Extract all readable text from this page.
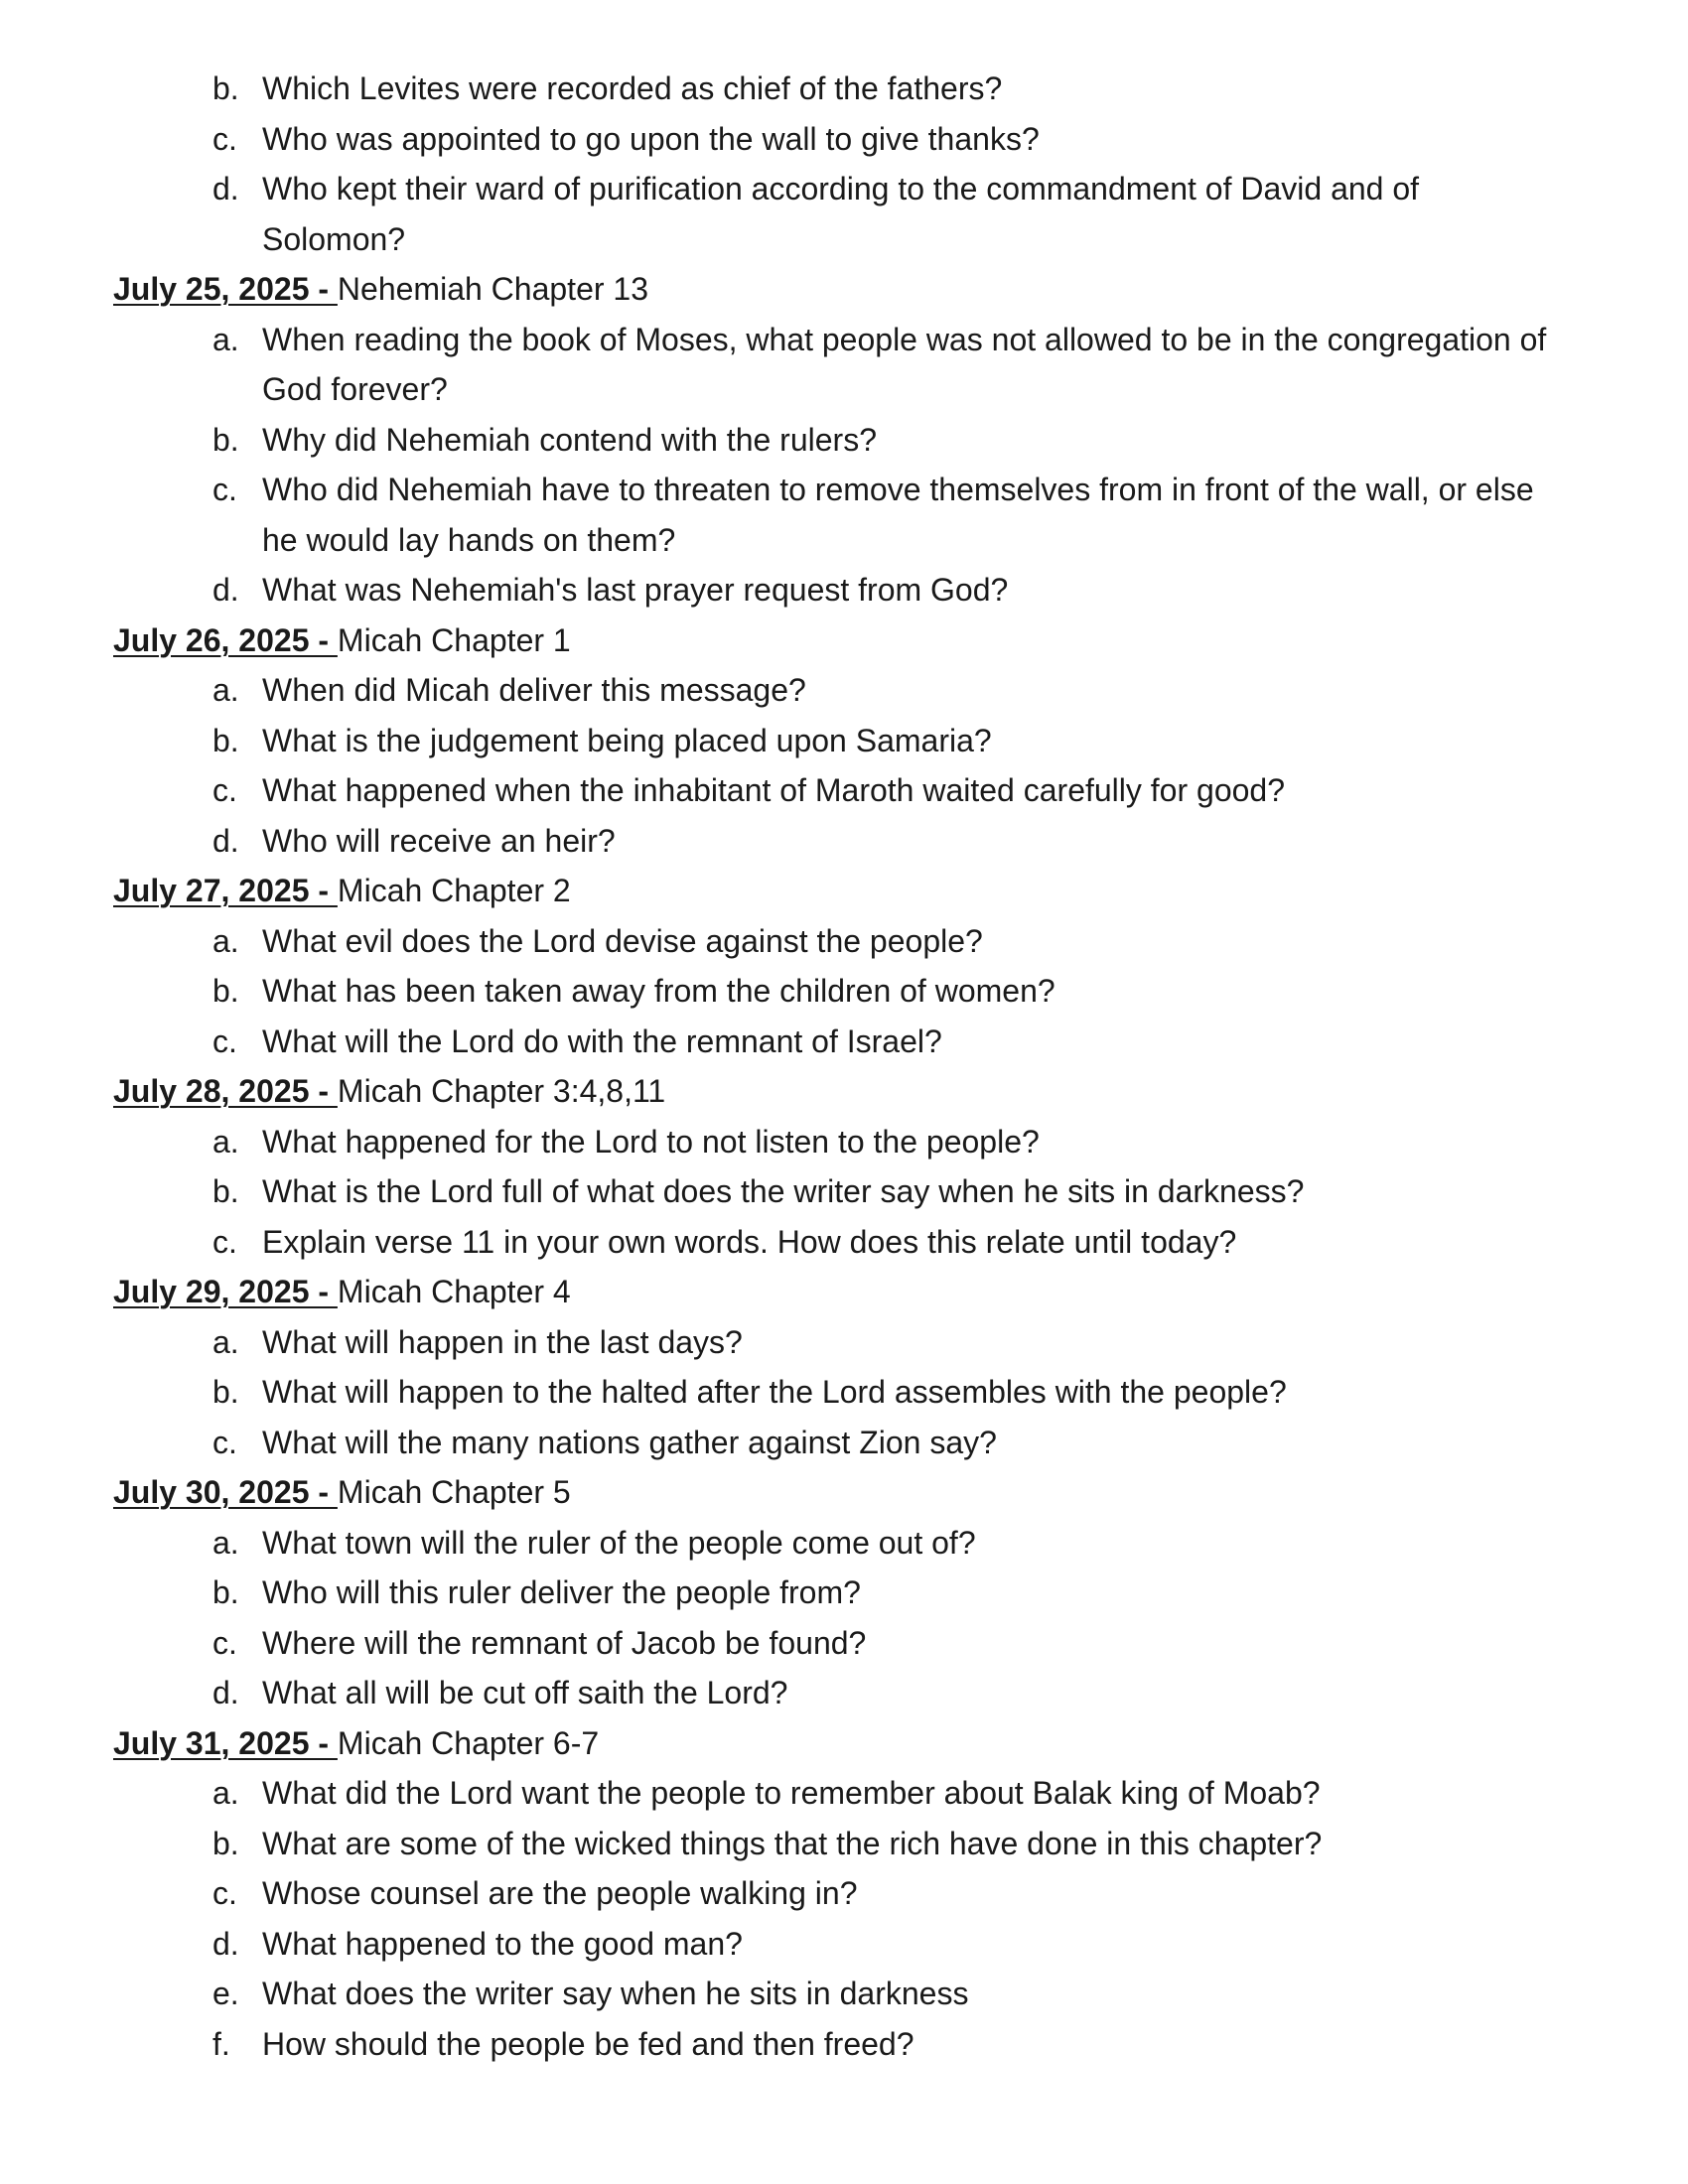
b. Which Levites were recorded as chief of the fathers?
c. Who was appointed to go upon the wall to give thanks?
d. Who kept their ward of purification according to the commandment of David and of
Solomon?
July 25, 2025 - Nehemiah Chapter 13
a. When reading the book of Moses, what people was not allowed to be in the congregation of
God forever?
b. Why did Nehemiah contend with the rulers?
c. Who did Nehemiah have to threaten to remove themselves from in front of the wall, or else
he would lay hands on them?
d. What was Nehemiah's last prayer request from God?
July 26, 2025 - Micah Chapter 1
a. When did Micah deliver this message?
b. What is the judgement being placed upon Samaria?
c. What happened when the inhabitant of Maroth waited carefully for good?
d. Who will receive an heir?
July 27, 2025 - Micah Chapter 2
a. What evil does the Lord devise against the people?
b. What has been taken away from the children of women?
c. What will the Lord do with the remnant of Israel?
July 28, 2025 - Micah Chapter 3:4,8,11
a. What happened for the Lord to not listen to the people?
b. What is the Lord full of what does the writer say when he sits in darkness?
c. Explain verse 11 in your own words. How does this relate until today?
July 29, 2025 - Micah Chapter 4
a. What will happen in the last days?
b. What will happen to the halted after the Lord assembles with the people?
c. What will the many nations gather against Zion say?
July 30, 2025 - Micah Chapter 5
a. What town will the ruler of the people come out of?
b. Who will this ruler deliver the people from?
c. Where will the remnant of Jacob be found?
d. What all will be cut off saith the Lord?
July 31, 2025 - Micah Chapter 6-7
a. What did the Lord want the people to remember about Balak king of Moab?
b. What are some of the wicked things that the rich have done in this chapter?
c. Whose counsel are the people walking in?
d. What happened to the good man?
e. What does the writer say when he sits in darkness
f. How should the people be fed and then freed?
